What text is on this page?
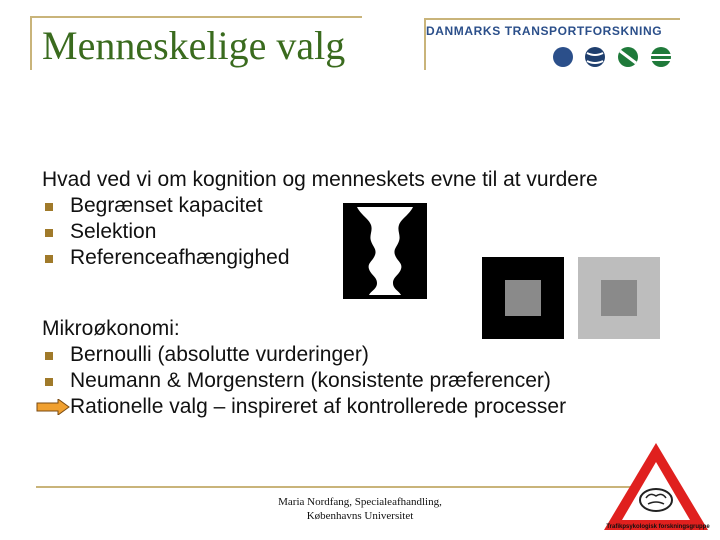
Menneskelige valg	DANMARKS TRANSPORTFORSKNING
Hvad ved vi om kognition og menneskets evne til at vurdere
Begrænset kapacitet
Selektion
Referenceafhængighed
Mikroøkonomi:
Bernoulli (absolutte vurderinger)
Neumann & Morgenstern (konsistente præferencer)
Rationelle valg – inspireret af kontrollerede processer
Maria Nordfang, Specialeafhandling,
Københavns Universitet
Trafikpsykologisk forskningsgruppe
